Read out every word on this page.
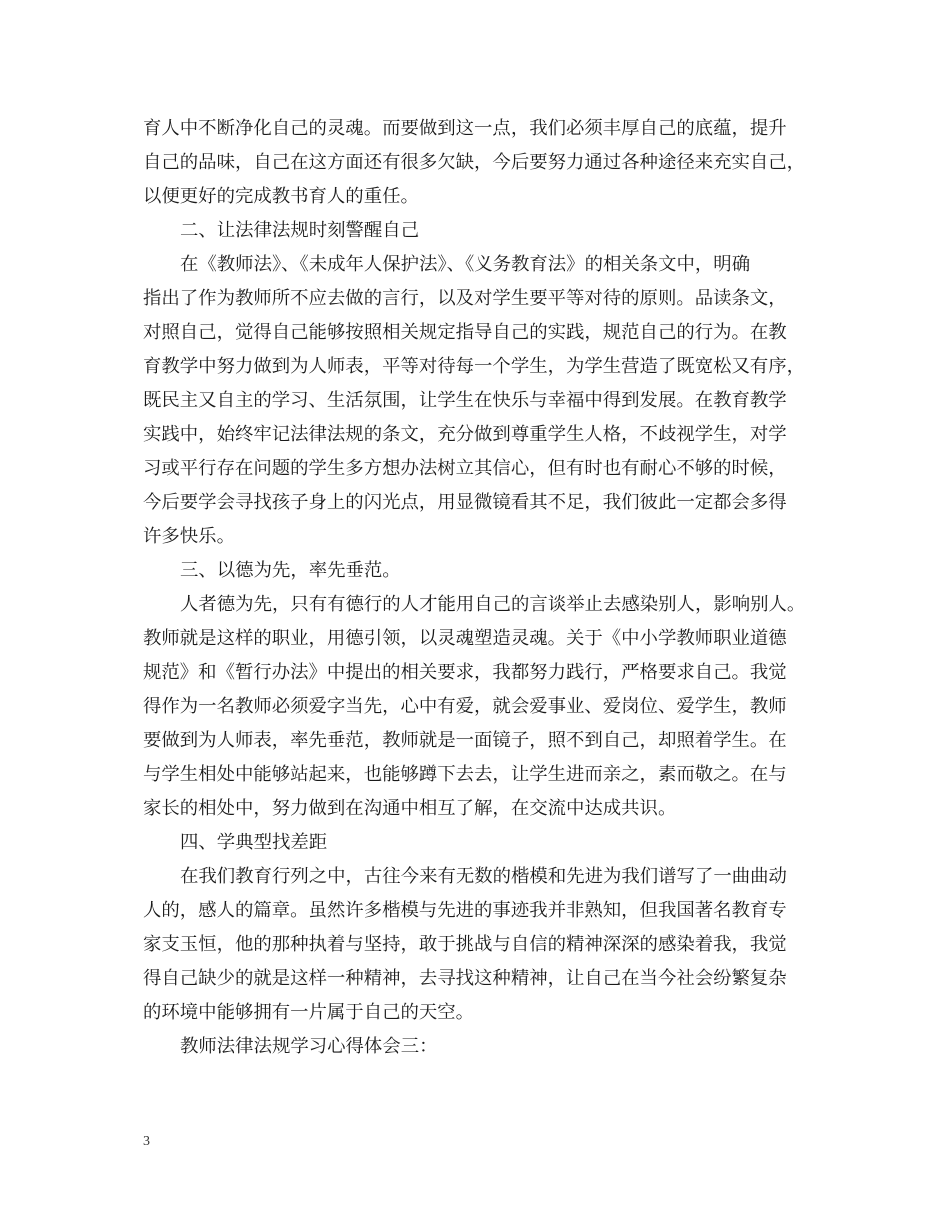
育人中不断净化自己的灵魂。而要做到这一点，我们必须丰厚自己的底蕴，提升
自己的品味，自己在这方面还有很多欠缺，今后要努力通过各种途径来充实自己，
以便更好的完成教书育人的重任。
二、让法律法规时刻警醒自己
在《教师法》、《未成年人保护法》、《义务教育法》的相关条文中，明确
指出了作为教师所不应去做的言行，以及对学生要平等对待的原则。品读条文，
对照自己，觉得自己能够按照相关规定指导自己的实践，规范自己的行为。在教
育教学中努力做到为人师表，平等对待每一个学生，为学生营造了既宽松又有序，
既民主又自主的学习、生活氛围，让学生在快乐与幸福中得到发展。在教育教学
实践中，始终牢记法律法规的条文，充分做到尊重学生人格，不歧视学生，对学
习或平行存在问题的学生多方想办法树立其信心，但有时也有耐心不够的时候，
今后要学会寻找孩子身上的闪光点，用显微镜看其不足，我们彼此一定都会多得
许多快乐。
三、以德为先，率先垂范。
人者德为先，只有有德行的人才能用自己的言谈举止去感染别人，影响别人。
教师就是这样的职业，用德引领，以灵魂塑造灵魂。关于《中小学教师职业道德
规范》和《暂行办法》中提出的相关要求，我都努力践行，严格要求自己。我觉
得作为一名教师必须爱字当先，心中有爱，就会爱事业、爱岗位、爱学生，教师
要做到为人师表，率先垂范，教师就是一面镜子，照不到自己，却照着学生。在
与学生相处中能够站起来，也能够蹲下去去，让学生进而亲之，素而敬之。在与
家长的相处中，努力做到在沟通中相互了解，在交流中达成共识。
四、学典型找差距
在我们教育行列之中，古往今来有无数的楷模和先进为我们谱写了一曲曲动
人的，感人的篇章。虽然许多楷模与先进的事迹我并非熟知，但我国著名教育专
家支玉恒，他的那种执着与坚持，敢于挑战与自信的精神深深的感染着我，我觉
得自己缺少的就是这样一种精神，去寻找这种精神，让自己在当今社会纷繁复杂
的环境中能够拥有一片属于自己的天空。
教师法律法规学习心得体会三：
3
